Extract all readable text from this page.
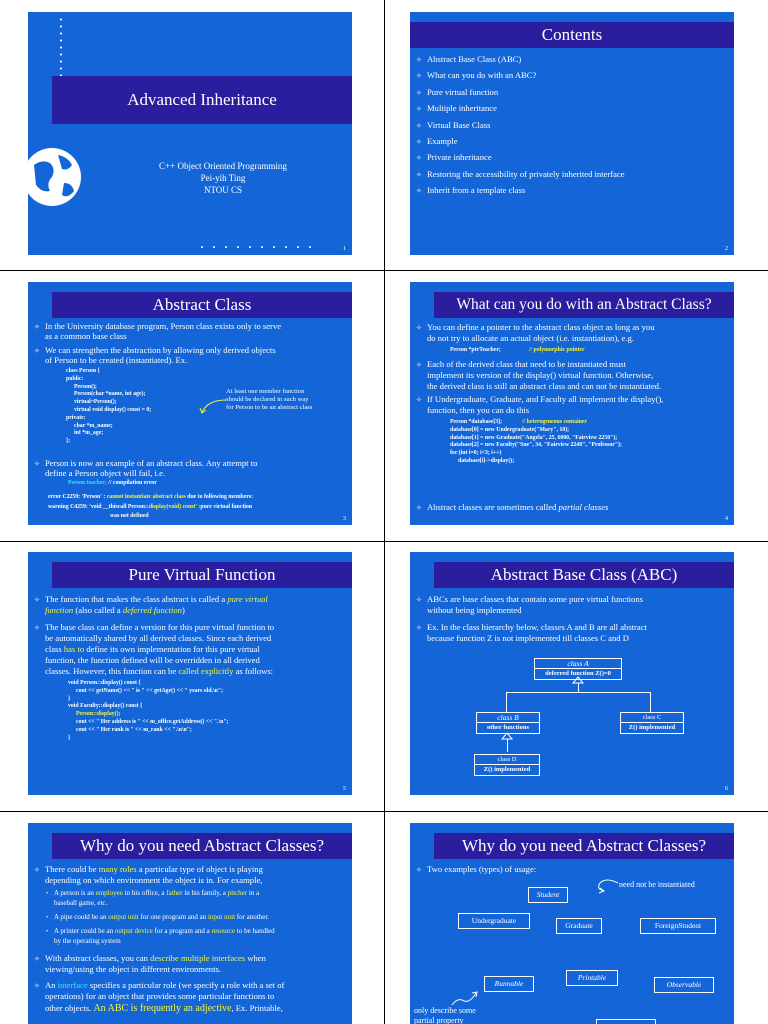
Advanced Inheritance
C++ Object Oriented Programming
Pei-yih Ting
NTOU CS
1
Contents
✧ Abstract Base Class (ABC)
✧ What can you do with an ABC?
✧ Pure virtual function
✧ Multiple inheritance
✧ Virtual Base Class
✧ Example
✧ Private inheritance
✧ Restoring the accessibility of privately inherited interface
✧ Inherit from a template class
2
Abstract Class
✧ In the University database program, Person class exists only to serve
as a common base class
✧ We can strengthen the abstraction by allowing only derived objects
of Person to be created (instantiated). Ex.
class Person {
public:
Person();
Person(char *name, int age);
virtual~Person();
virtual void display() const = 0;
private:
char *m_name;
int *m_age;
};
At least one member function
should be declared in such way
for Person to be an abstract class
✧ Person is now an example of an abstract class. Any attempt to
define a Person object will fail, i.e.
Person teacher; // compilation error
error C2259: 'Person' : cannot instantiate abstract class due to following members:
warning C4259: 'void __thiscall Person::display(void) const' :pure virtual function
was not defined	3
What can you do with an Abstract Class?
✧ You can define a pointer to the abstract class object as long as you
do not try to allocate an actual object (i.e. instantiation), e.g.
Person *ptrTeacher;	// polymorphic pointer
✧ Each of the derived class that need to be instantiated must
implement its version of the display() virtual function. Otherwise,
the derived class is still an abstract class and can not be instantiated.
✧ If Undergraduate, Graduate, and Faculty all implement the display(),
function, then you can do this
Person *database[3];	// heterogeneous container
database[0] = new Undergraduate("Mary", 18);
database[1] = new Graduate("Angela", 25, 6000, "Fairview 2250");
database[2] = new Faculty("Sue", 34, "Fairview 2248", "Professor");
for (int i=0; i<3; i++)
database[i]->display();
✧ Abstract classes are sometimes called partial classes
4
Pure Virtual Function
✧ The function that makes the class abstract is called a pure virtual
function (also called a deferred function)
✧ The base class can define a version for this pure virtual function to
be automatically shared by all derived classes. Since each derived
class has to define its own implementation for this pure virtual
function, the function defined will be overridden in all derived
classes. However, this function can be called explicitly as follows:
void Person::display() const {
cout << getName() << " is " << getAge() << " years old.\n";
}
void Faculty::display() const {
Person::display();
cout << " Her address is " << m_office.getAddress() << ".\n";
cout << " Her rank is " << m_rank << ".\n\n";
}
5
Abstract Base Class (ABC)
✧ ABCs are base classes that contain some pure virtual functions
without being implemented
✧ Ex. In the class hierarchy below, classes A and B are all abstract
because function Z is not implemented till classes C and D
class A
deferred function Z()=0
class B
other functions
class C
Z() implemented
class D
Z() implemented
6
Why do you need Abstract Classes?
✧ There could be many roles a particular type of object is playing
depending on which environment the object is in. For example,
• A person is an employee in his office, a father in his family, a pitcher in a
baseball game, etc.
• A pipe could be an output unit for one program and an input unit for another.
• A printer could be an output device for a program and a resource to be handled
by the operating system
✧ With abstract classes, you can describe multiple interfaces when
viewing/using the object in different environments.
✧ An interface specifies a particular role (we specify a role with a set of
operations) for an object that provides some particular functions to
other objects. An ABC is frequently an adjective, Ex. Printable,
Why do you need Abstract Classes?
✧ Two examples (types) of usage:
Student
need not be instantiated
Undergraduate
Graduate	ForeignStudent
Runnable
Printable
Observable
only describe some
partial property
